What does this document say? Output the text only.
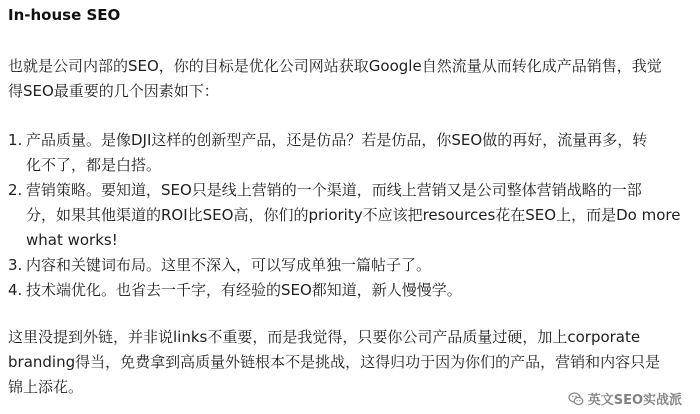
In-house SEO
也就是公司内部的SEO，你的目标是优化公司网站获取Google自然流量从而转化成产品销售，我觉
得SEO最重要的几个因素如下：
1. 产品质量。是像DJI这样的创新型产品，还是仿品？若是仿品，你SEO做的再好，流量再多，转
化不了，都是白搭。
2. 营销策略。要知道，SEO只是线上营销的一个渠道，而线上营销又是公司整体营销战略的一部
分，如果其他渠道的ROI比SEO高，你们的priority不应该把resources花在SEO上，而是Do more
what works!
3. 内容和关键词布局。这里不深入，可以写成单独一篇帖子了。
4. 技术端优化。也省去一千字，有经验的SEO都知道，新人慢慢学。
这里没提到外链，并非说links不重要，而是我觉得，只要你公司产品质量过硬，加上corporate
branding得当，免费拿到高质量外链根本不是挑战，这得归功于因为你们的产品，营销和内容只是
锦上添花。
英文SEO实战派
